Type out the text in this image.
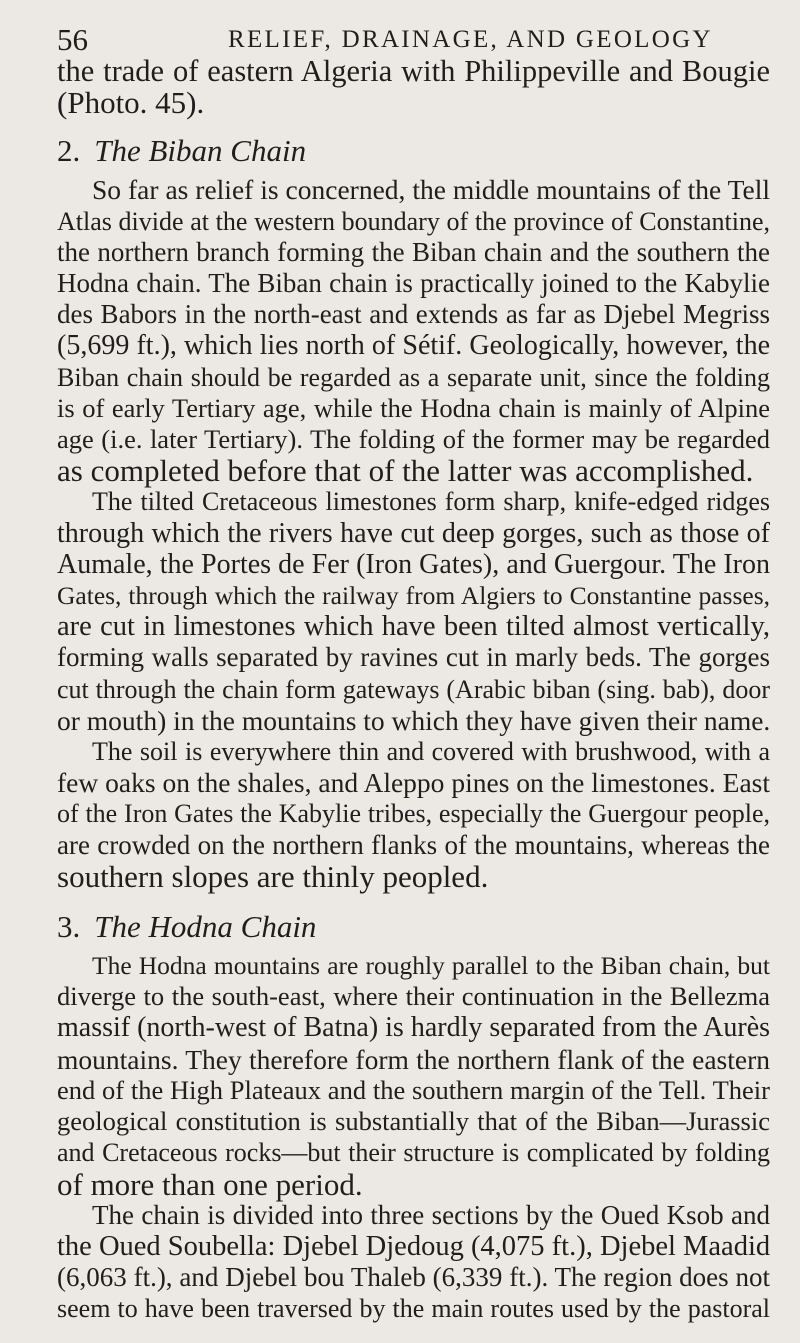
56	RELIEF, DRAINAGE, AND GEOLOGY
the trade of eastern Algeria with Philippeville and Bougie
(Photo. 45).
2. The Biban Chain
So far as relief is concerned, the middle mountains of the Tell
Atlas divide at the western boundary of the province of Constantine,
the northern branch forming the Biban chain and the southern the
Hodna chain. The Biban chain is practically joined to the Kabylie
des Babors in the north-east and extends as far as Djebel Megriss
(5,699 ft.), which lies north of Sétif. Geologically, however, the
Biban chain should be regarded as a separate unit, since the folding
is of early Tertiary age, while the Hodna chain is mainly of Alpine
age (i.e. later Tertiary). The folding of the former may be regarded
as completed before that of the latter was accomplished.
The tilted Cretaceous limestones form sharp, knife-edged ridges
through which the rivers have cut deep gorges, such as those of
Aumale, the Portes de Fer (Iron Gates), and Guergour. The Iron
Gates, through which the railway from Algiers to Constantine passes,
are cut in limestones which have been tilted almost vertically,
forming walls separated by ravines cut in marly beds. The gorges
cut through the chain form gateways (Arabic biban (sing. bab), door
or mouth) in the mountains to which they have given their name.
The soil is everywhere thin and covered with brushwood, with a
few oaks on the shales, and Aleppo pines on the limestones. East
of the Iron Gates the Kabylie tribes, especially the Guergour people,
are crowded on the northern flanks of the mountains, whereas the
southern slopes are thinly peopled.
3. The Hodna Chain
The Hodna mountains are roughly parallel to the Biban chain, but
diverge to the south-east, where their continuation in the Bellezma
massif (north-west of Batna) is hardly separated from the Aurès
mountains. They therefore form the northern flank of the eastern
end of the High Plateaux and the southern margin of the Tell. Their
geological constitution is substantially that of the Biban—Jurassic
and Cretaceous rocks—but their structure is complicated by folding
of more than one period.
The chain is divided into three sections by the Oued Ksob and
the Oued Soubella: Djebel Djedoug (4,075 ft.), Djebel Maadid
(6,063 ft.), and Djebel bou Thaleb (6,339 ft.). The region does not
seem to have been traversed by the main routes used by the pastoral
